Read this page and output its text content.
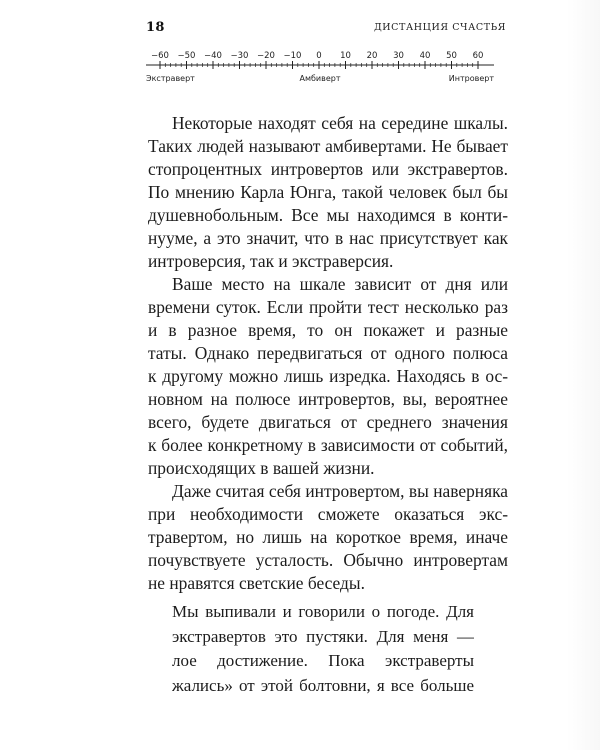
18	ДИСТАНЦИЯ СЧАСТЬЯ
−60 −50 −40 −30 −20 −10 0 10 20 30 40 50 60
Экстраверт	Амбиверт	Интроверт
Некоторые находят себя на середине шкалы.
Таких людей называют амбивертами. Не бывает
стопроцентных интровертов или экстравертов.
По мнению Карла Юнга, такой человек был бы
душевнобольным. Все мы находимся в конти-
нууме, а это значит, что в нас присутствует как
интроверсия, так и экстраверсия.
Ваше место на шкале зависит от дня или
времени суток. Если пройти тест несколько раз
и в разное время, то он покажет и разные
таты. Однако передвигаться от одного полюса
к другому можно лишь изредка. Находясь в ос-
новном на полюсе интровертов, вы, вероятнее
всего, будете двигаться от среднего значения
к более конкретному в зависимости от событий,
происходящих в вашей жизни.
Даже считая себя интровертом, вы наверняка
при необходимости сможете оказаться экс-
травертом, но лишь на короткое время, иначе
почувствуете усталость. Обычно интровертам
не нравятся светские беседы.
Мы выпивали и говорили о погоде. Для
экстравертов это пустяки. Для меня —
лое достижение. Пока экстраверты
жались» от этой болтовни, я все больше
